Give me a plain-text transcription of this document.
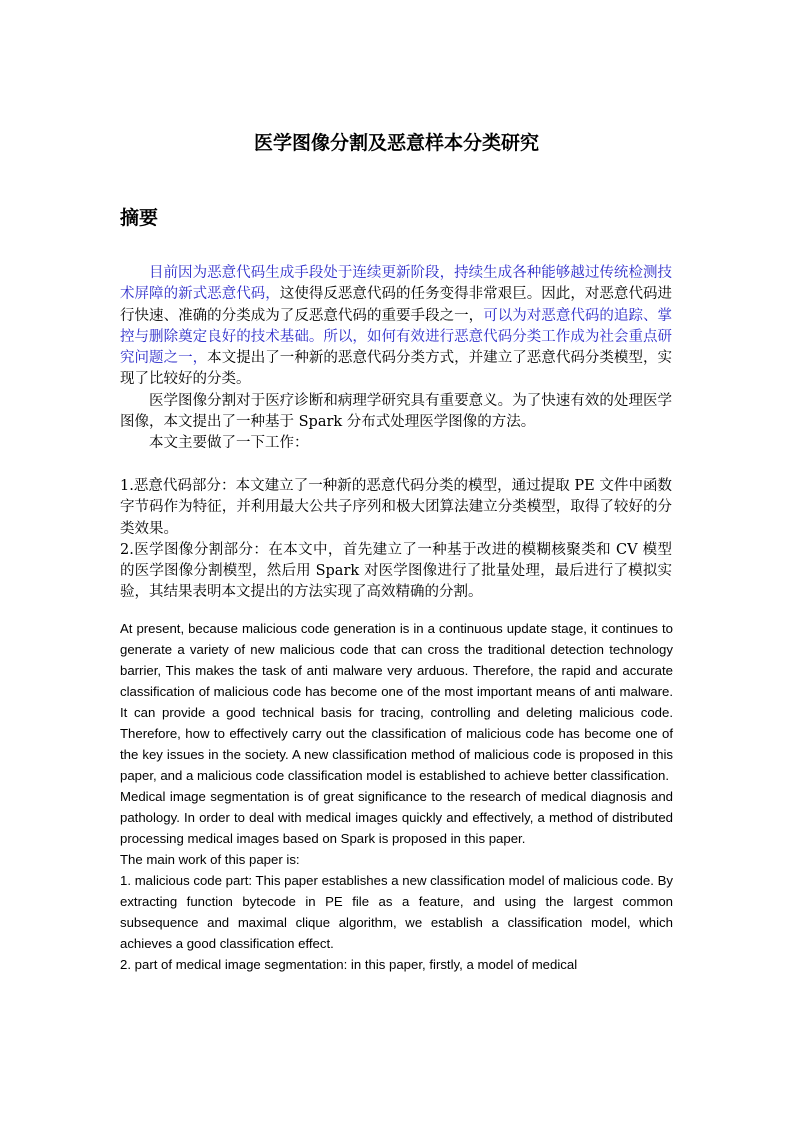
医学图像分割及恶意样本分类研究
摘要

目前因为恶意代码生成手段处于连续更新阶段，持续生成各种能够越过传统检测技术屏障的新式恶意代码，这使得反恶意代码的任务变得非常艰巨。因此，对恶意代码进行快速、准确的分类成为了反恶意代码的重要手段之一，可以为对恶意代码的追踪、掌控与删除奠定良好的技术基础。所以，如何有效进行恶意代码分类工作成为社会重点研究问题之一，本文提出了一种新的恶意代码分类方式，并建立了恶意代码分类模型，实现了比较好的分类。

医学图像分割对于医疗诊断和病理学研究具有重要意义。为了快速有效的处理医学图像，本文提出了一种基于 Spark 分布式处理医学图像的方法。

本文主要做了一下工作：

1.恶意代码部分：本文建立了一种新的恶意代码分类的模型，通过提取 PE 文件中函数字节码作为特征，并利用最大公共子序列和极大团算法建立分类模型，取得了较好的分类效果。

2.医学图像分割部分：在本文中，首先建立了一种基于改进的模糊核聚类和 CV 模型的医学图像分割模型，然后用 Spark 对医学图像进行了批量处理，最后进行了模拟实验，其结果表明本文提出的方法实现了高效精确的分割。

At present, because malicious code generation is in a continuous update stage, it continues to generate a variety of new malicious code that can cross the traditional detection technology barrier, This makes the task of anti malware very arduous. Therefore, the rapid and accurate classification of malicious code has become one of the most important means of anti malware. It can provide a good technical basis for tracing, controlling and deleting malicious code. Therefore, how to effectively carry out the classification of malicious code has become one of the key issues in the society. A new classification method of malicious code is proposed in this paper, and a malicious code classification model is established to achieve better classification.

Medical image segmentation is of great significance to the research of medical diagnosis and pathology. In order to deal with medical images quickly and effectively, a method of distributed processing medical images based on Spark is proposed in this paper.

The main work of this paper is:

1. malicious code part: This paper establishes a new classification model of malicious code. By extracting function bytecode in PE file as a feature, and using the largest common subsequence and maximal clique algorithm, we establish a classification model, which achieves a good classification effect.

2. part of medical image segmentation: in this paper, firstly, a model of medical
